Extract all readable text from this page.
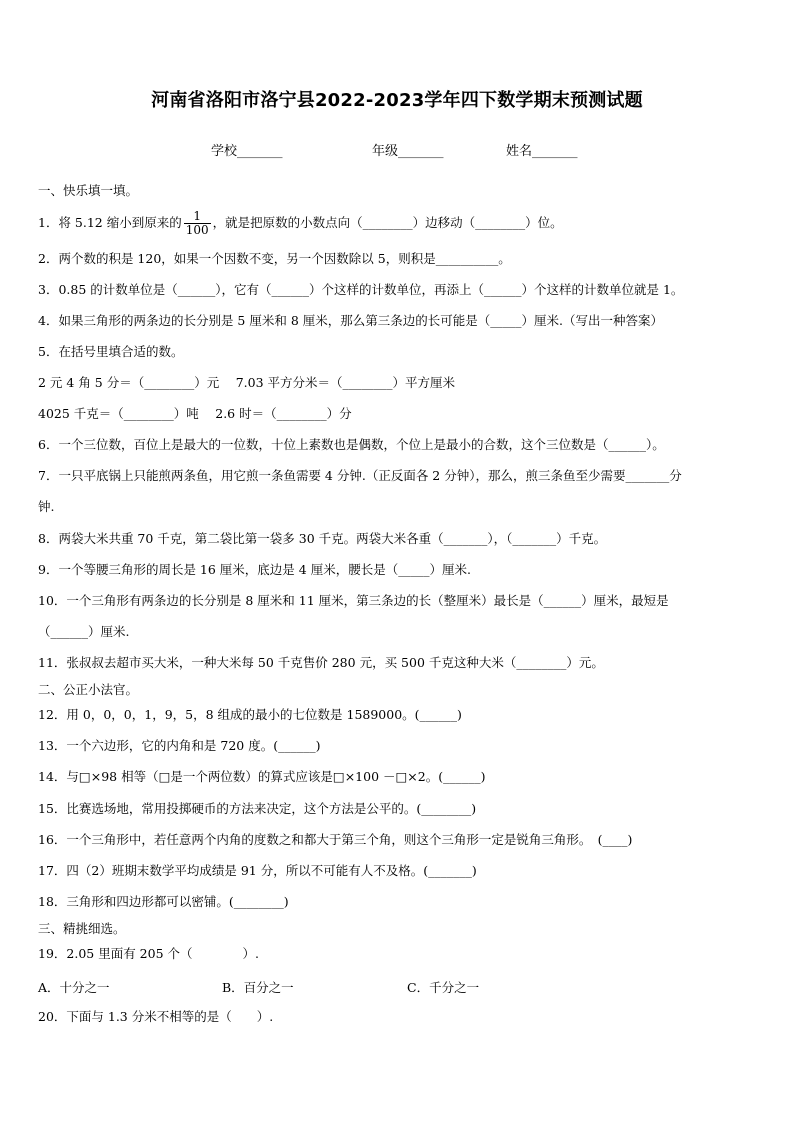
河南省洛阳市洛宁县2022-2023学年四下数学期末预测试题
学校_______	年级_______	姓名_______
一、快乐填一填。
1．将 5.12 缩小到原来的 $\frac{1}{100}$ ，就是把原数的小数点向（________）边移动（________）位。
2．两个数的积是 120，如果一个因数不变，另一个因数除以 5，则积是__________。
3．0.85 的计数单位是（______），它有（______）个这样的计数单位，再添上（______）个这样的计数单位就是 1。
4．如果三角形的两条边的长分别是 5 厘米和 8 厘米，那么第三条边的长可能是（_____）厘米.（写出一种答案）
5．在括号里填合适的数。
2 元 4 角 5 分＝（________）元　 7.03 平方分米＝（________）平方厘米
4025 千克＝（________）吨　 2.6 时＝（________）分
6．一个三位数，百位上是最大的一位数，十位上素数也是偶数，个位上是最小的合数，这个三位数是（______）。
7．一只平底锅上只能煎两条鱼，用它煎一条鱼需要 4 分钟.（正反面各 2 分钟），那么，煎三条鱼至少需要_______分
钟.
8．两袋大米共重 70 千克，第二袋比第一袋多 30 千克。两袋大米各重（_______），（_______）千克。
9．一个等腰三角形的周长是 16 厘米，底边是 4 厘米，腰长是（_____）厘米.
10．一个三角形有两条边的长分别是 8 厘米和 11 厘米，第三条边的长（整厘米）最长是（______）厘米，最短是
（______）厘米.
11．张叔叔去超市买大米，一种大米每 50 千克售价 280 元，买 500 千克这种大米（________）元。
二、公正小法官。
12．用 0，0，0，1，9，5，8 组成的最小的七位数是 1589000。(______)
13．一个六边形，它的内角和是 720 度。(______)
14．与□×98 相等（□是一个两位数）的算式应该是□×100 －□×2。(______)
15．比赛选场地，常用投掷硬币的方法来决定，这个方法是公平的。(________)
16．一个三角形中，若任意两个内角的度数之和都大于第三个角，则这个三角形一定是锐角三角形。　(____)
17．四（2）班期末数学平均成绩是 91 分，所以不可能有人不及格。(_______)
18．三角形和四边形都可以密铺。(________)
三、精挑细选。
19．2.05 里面有 205 个（　　　　）.
A．十分之一	B．百分之一	C．千分之一
20．下面与 1.3 分米不相等的是（　　）.
